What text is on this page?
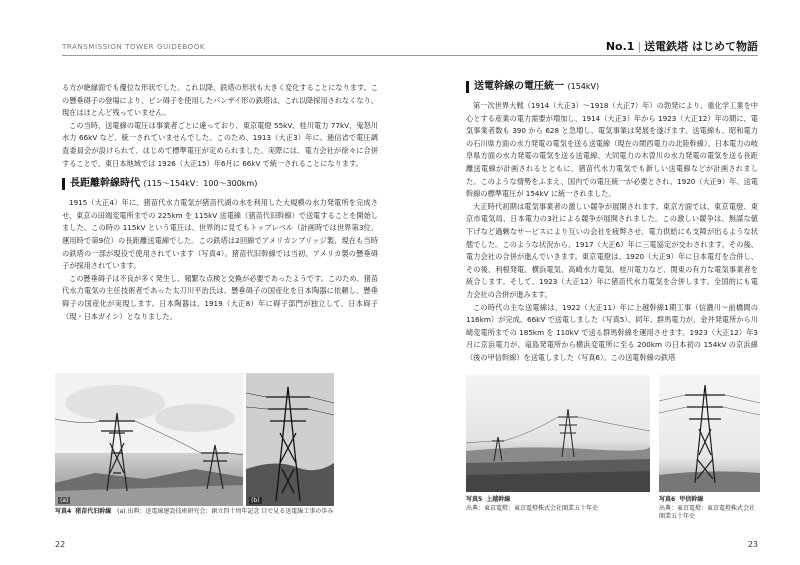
TRANSMISSION TOWER GUIDEBOOK

る方が絶縁面でも優位な形状でした。これ以降、鉄塔の形状も大きく変化することになります。この懸垂碍子の登場により、ピン碍子を使用したパンザイ形の鉄塔は、これ以降採用されなくなり、現在はほとんど残っていません。

この当時、送電線の電圧は事業者ごとに違っており、東京電燈 55kV、桂川電力 77kV、鬼怒川水力 66kV など、統一されていませんでした。このため、1913（大正3）年に、逓信省で電圧調査委員会が設けられて、はじめて標準電圧が定められました。実際には、電力会社が徐々に合併することで、東日本地域では 1926（大正15）年6月に 66kV で統一されることになります。

長距離幹線時代 (115～154kV：100～300km)

1915（大正4）年に、猪苗代水力電気が猪苗代湖の水を利用した大規模の水力発電所を完成させ、東京の田端変電所までの 225km を 115kV 送電線（猪苗代旧幹線）で送電することを開始しました。この時の 115kV という電圧は、世界的に見てもトップレベル（計画時では世界第3位、運用時で第9位）の長距離送電線でした。この鉄塔は2回線でアメリカンブリッジ製、現在も当時の鉄塔の一部が現役で使用されています（写真4）。猪苗代旧幹線では当初、アメリカ製の懸垂碍子が採用されています。

この懸垂碍子は不良が多く発生し、頻繁な点検と交換が必要であったようです。このため、猪苗代水力電気の主任技術者であった太刀川平治氏は、懸垂碍子の国産化を日本陶器に依頼し、懸垂碍子の国産化が実現します。日本陶器は、1919（大正8）年に碍子部門が独立して、日本碍子（現・日本ガイシ）となりました。

(a)	(b)
写真4 猪苗代旧幹線 (a) 出典：送電線建設技術研究会：創立四十周年記念 目で見る送電線工事の歩み
22
No.1 | 送電鉄塔 はじめて物語
送電幹線の電圧統一 (154kV)

第一次世界大戦（1914（大正3）～1918（大正7）年）の勃発により、重化学工業を中心とする産業の電力需要が増加し、1914（大正3）年から 1923（大正12）年の間に、電気事業者数も 390 から 628 と急増し、電気事業は発展を遂げます。送電線も、昭和電力の石川県方面の水力発電の電気を送る送電線（現在の関西電力の北陸幹線）、日本電力の岐阜県方面の水力発電の電気を送る送電線、大同電力の木曽川の水力発電の電気を送る長距離送電線が計画されるとともに、猪苗代水力電気でも新しい送電線などが計画されました。このような情勢をふまえ、国内での電圧統一が必要とされ、1920（大正9）年、送電幹線の標準電圧が 154kV に統一されました。

大正時代初期は電気事業者の激しい競争が展開されます。東京方面では、東京電燈、東京市電気局、日本電力の3社による競争が展開されました。この激しい競争は、無謀な値下げなど過剰なサービスにより互いの会社を疲弊させ、電力供給にも支障が出るような状態でした。このような状況から、1917（大正6）年に三電協定が交わされます。その後、電力会社の合併が進んでいきます。東京電燈は、1920（大正9）年に日本電灯を合併し、その後、利根発電、横浜電気、高崎水力電気、桂川電力など、関東の有力な電気事業者を統合します。そして、1923（大正12）年に猪苗代水力電気を合併します。全国的にも電力会社の合併が進みます。

この時代の主な送電線は、1922（大正11）年に上越幹線1期工事（信濃川～前橋間の 116km）が完成、66kV で送電しました（写真5）。同年、群馬電力が、金井発電所から川崎変電所までの 185km を 110kV で送る群馬幹線を運用させます。1923（大正12）年3月に京浜電力が、竜島発電所から横浜変電所に至る 200km の日本初の 154kV の京浜線（後の甲信幹線）を送電しました（写真6）。この送電幹線の鉄塔

写真5 上越幹線
出典：東京電燈：東京電燈株式会社開業五十年史
写真6 甲信幹線
出典：東京電燈：東京電燈株式会社
開業五十年史
23
